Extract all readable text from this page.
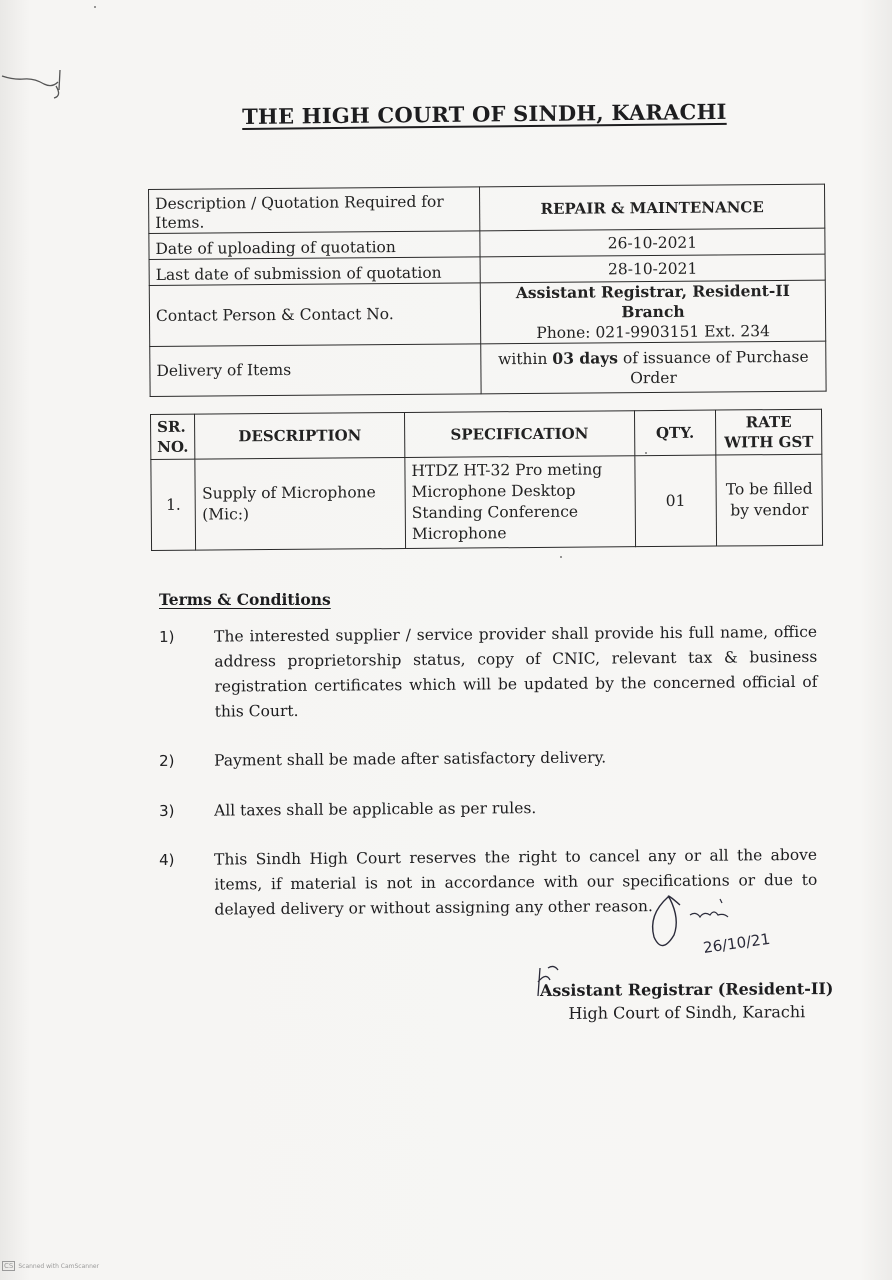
THE HIGH COURT OF SINDH, KARACHI
Description / Quotation Required for Items.	REPAIR & MAINTENANCE
Date of uploading of quotation	26-10-2021
Last date of submission of quotation	28-10-2021
Contact Person & Contact No.	Assistant Registrar, Resident-II Branch
Phone: 021-9903151 Ext. 234

Delivery of Items	within 03 days of issuance of Purchase Order
SR. NO.	DESCRIPTION	SPECIFICATION	QTY.	RATE WITH GST
1.	Supply of Microphone (Mic:)	HTDZ HT-32 Pro meting Microphone Desktop Standing Conference Microphone	01	To be filled by vendor
Terms & Conditions
1)	The interested supplier / service provider shall provide his full name, office address proprietorship status, copy of CNIC, relevant tax & business registration certificates which will be updated by the concerned official of this Court.
2)	Payment shall be made after satisfactory delivery.
3)	All taxes shall be applicable as per rules.
4)	This Sindh High Court reserves the right to cancel any or all the above items, if material is not in accordance with our specifications or due to delayed delivery or without assigning any other reason.
26/10/21
Assistant Registrar (Resident-II)
High Court of Sindh, Karachi
CS Scanned with CamScanner
